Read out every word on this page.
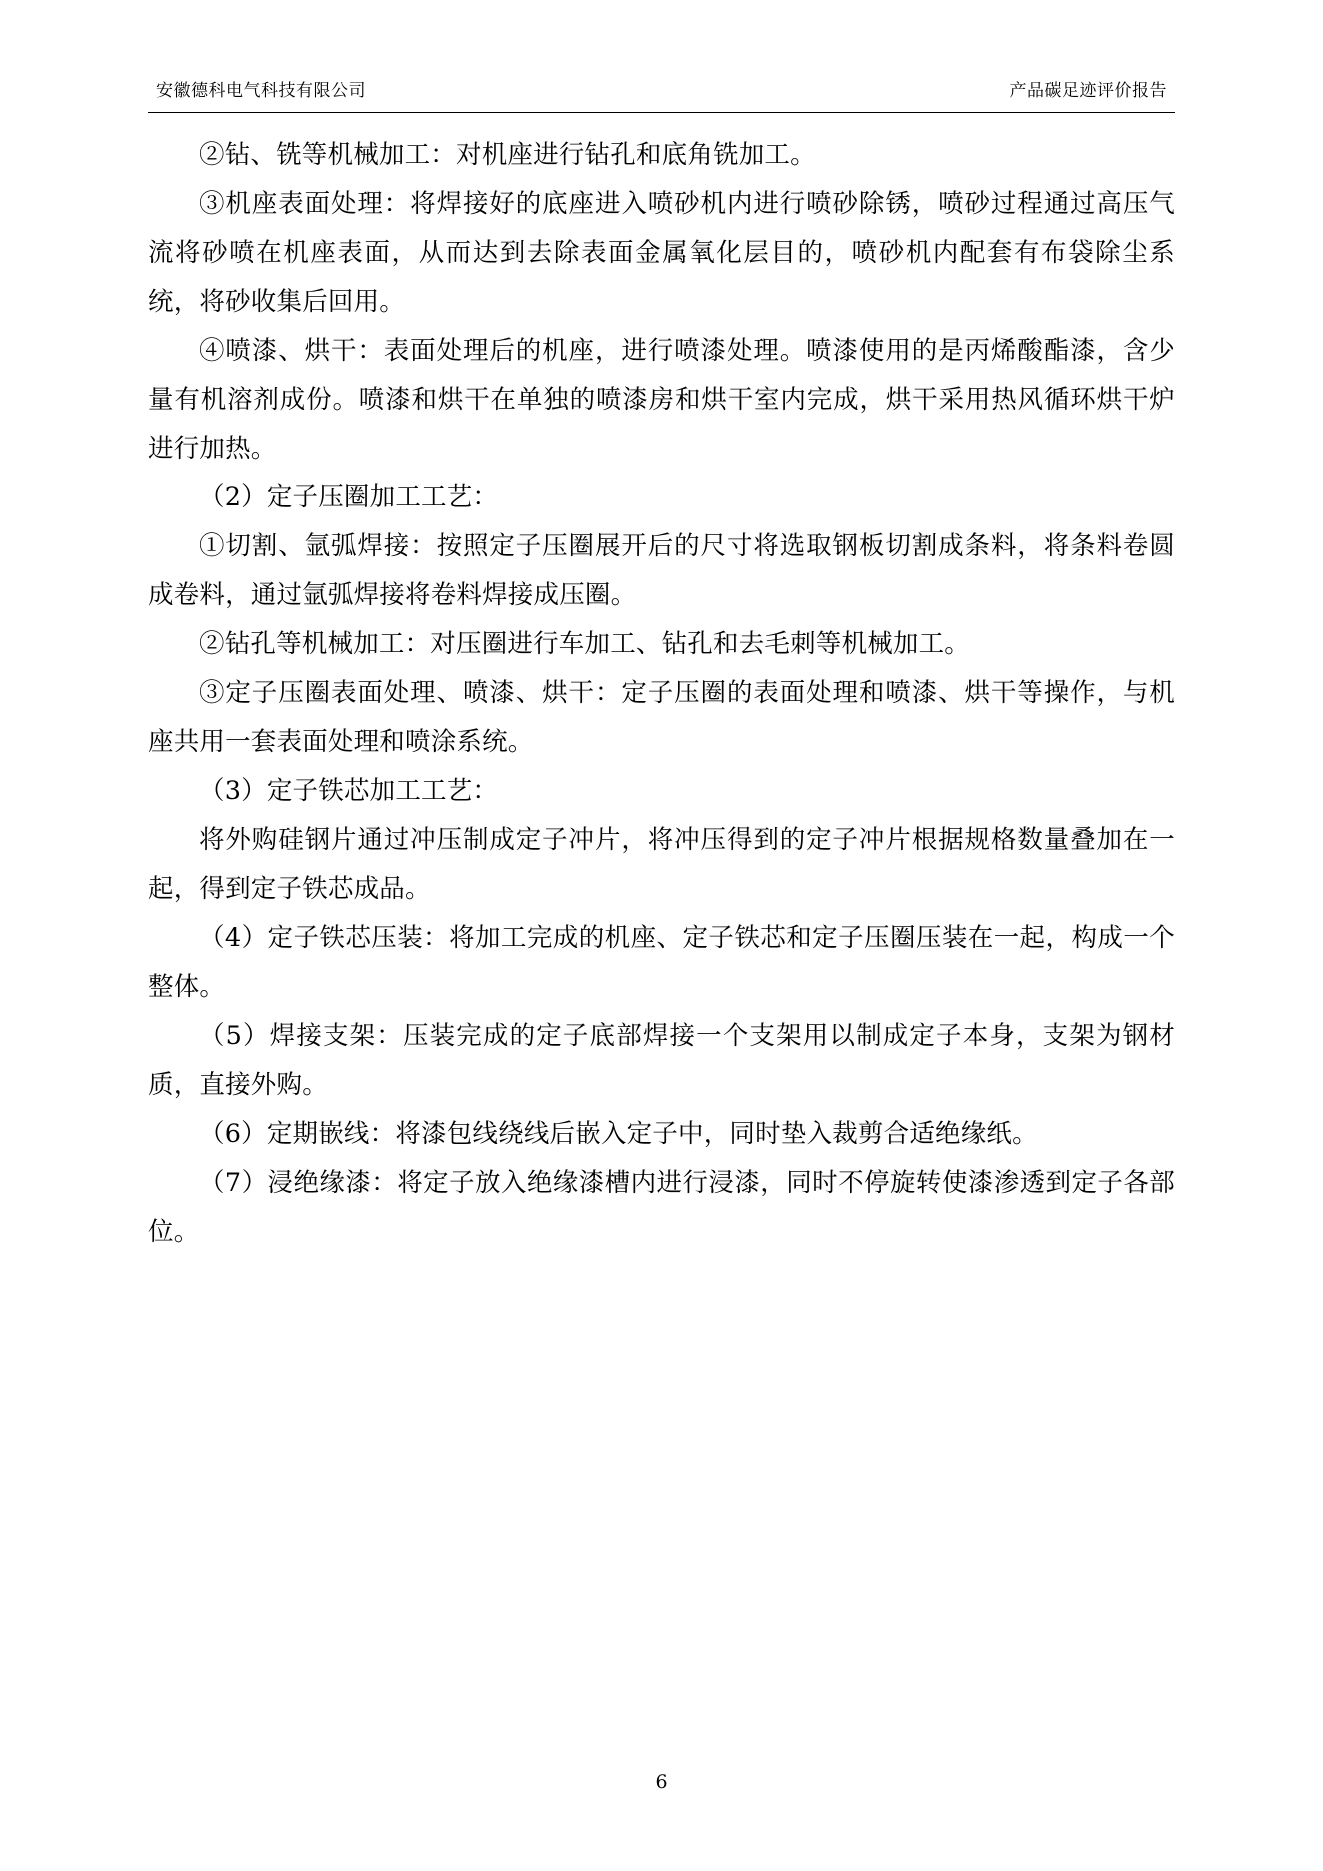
安徽德科电气科技有限公司	产品碳足迹评价报告

②钻、铣等机械加工：对机座进行钻孔和底角铣加工。

③机座表面处理：将焊接好的底座进入喷砂机内进行喷砂除锈，喷砂过程通过高压气流将砂喷在机座表面，从而达到去除表面金属氧化层目的，喷砂机内配套有布袋除尘系统，将砂收集后回用。

④喷漆、烘干：表面处理后的机座，进行喷漆处理。喷漆使用的是丙烯酸酯漆，含少量有机溶剂成份。喷漆和烘干在单独的喷漆房和烘干室内完成，烘干采用热风循环烘干炉进行加热。

（2）定子压圈加工工艺：

①切割、氩弧焊接：按照定子压圈展开后的尺寸将选取钢板切割成条料，将条料卷圆成卷料，通过氩弧焊接将卷料焊接成压圈。

②钻孔等机械加工：对压圈进行车加工、钻孔和去毛刺等机械加工。

③定子压圈表面处理、喷漆、烘干：定子压圈的表面处理和喷漆、烘干等操作，与机座共用一套表面处理和喷涂系统。

（3）定子铁芯加工工艺：

将外购硅钢片通过冲压制成定子冲片，将冲压得到的定子冲片根据规格数量叠加在一起，得到定子铁芯成品。

（4）定子铁芯压装：将加工完成的机座、定子铁芯和定子压圈压装在一起，构成一个整体。

（5）焊接支架：压装完成的定子底部焊接一个支架用以制成定子本身，支架为钢材质，直接外购。

（6）定期嵌线：将漆包线绕线后嵌入定子中，同时垫入裁剪合适绝缘纸。

（7）浸绝缘漆：将定子放入绝缘漆槽内进行浸漆，同时不停旋转使漆渗透到定子各部位。

6
